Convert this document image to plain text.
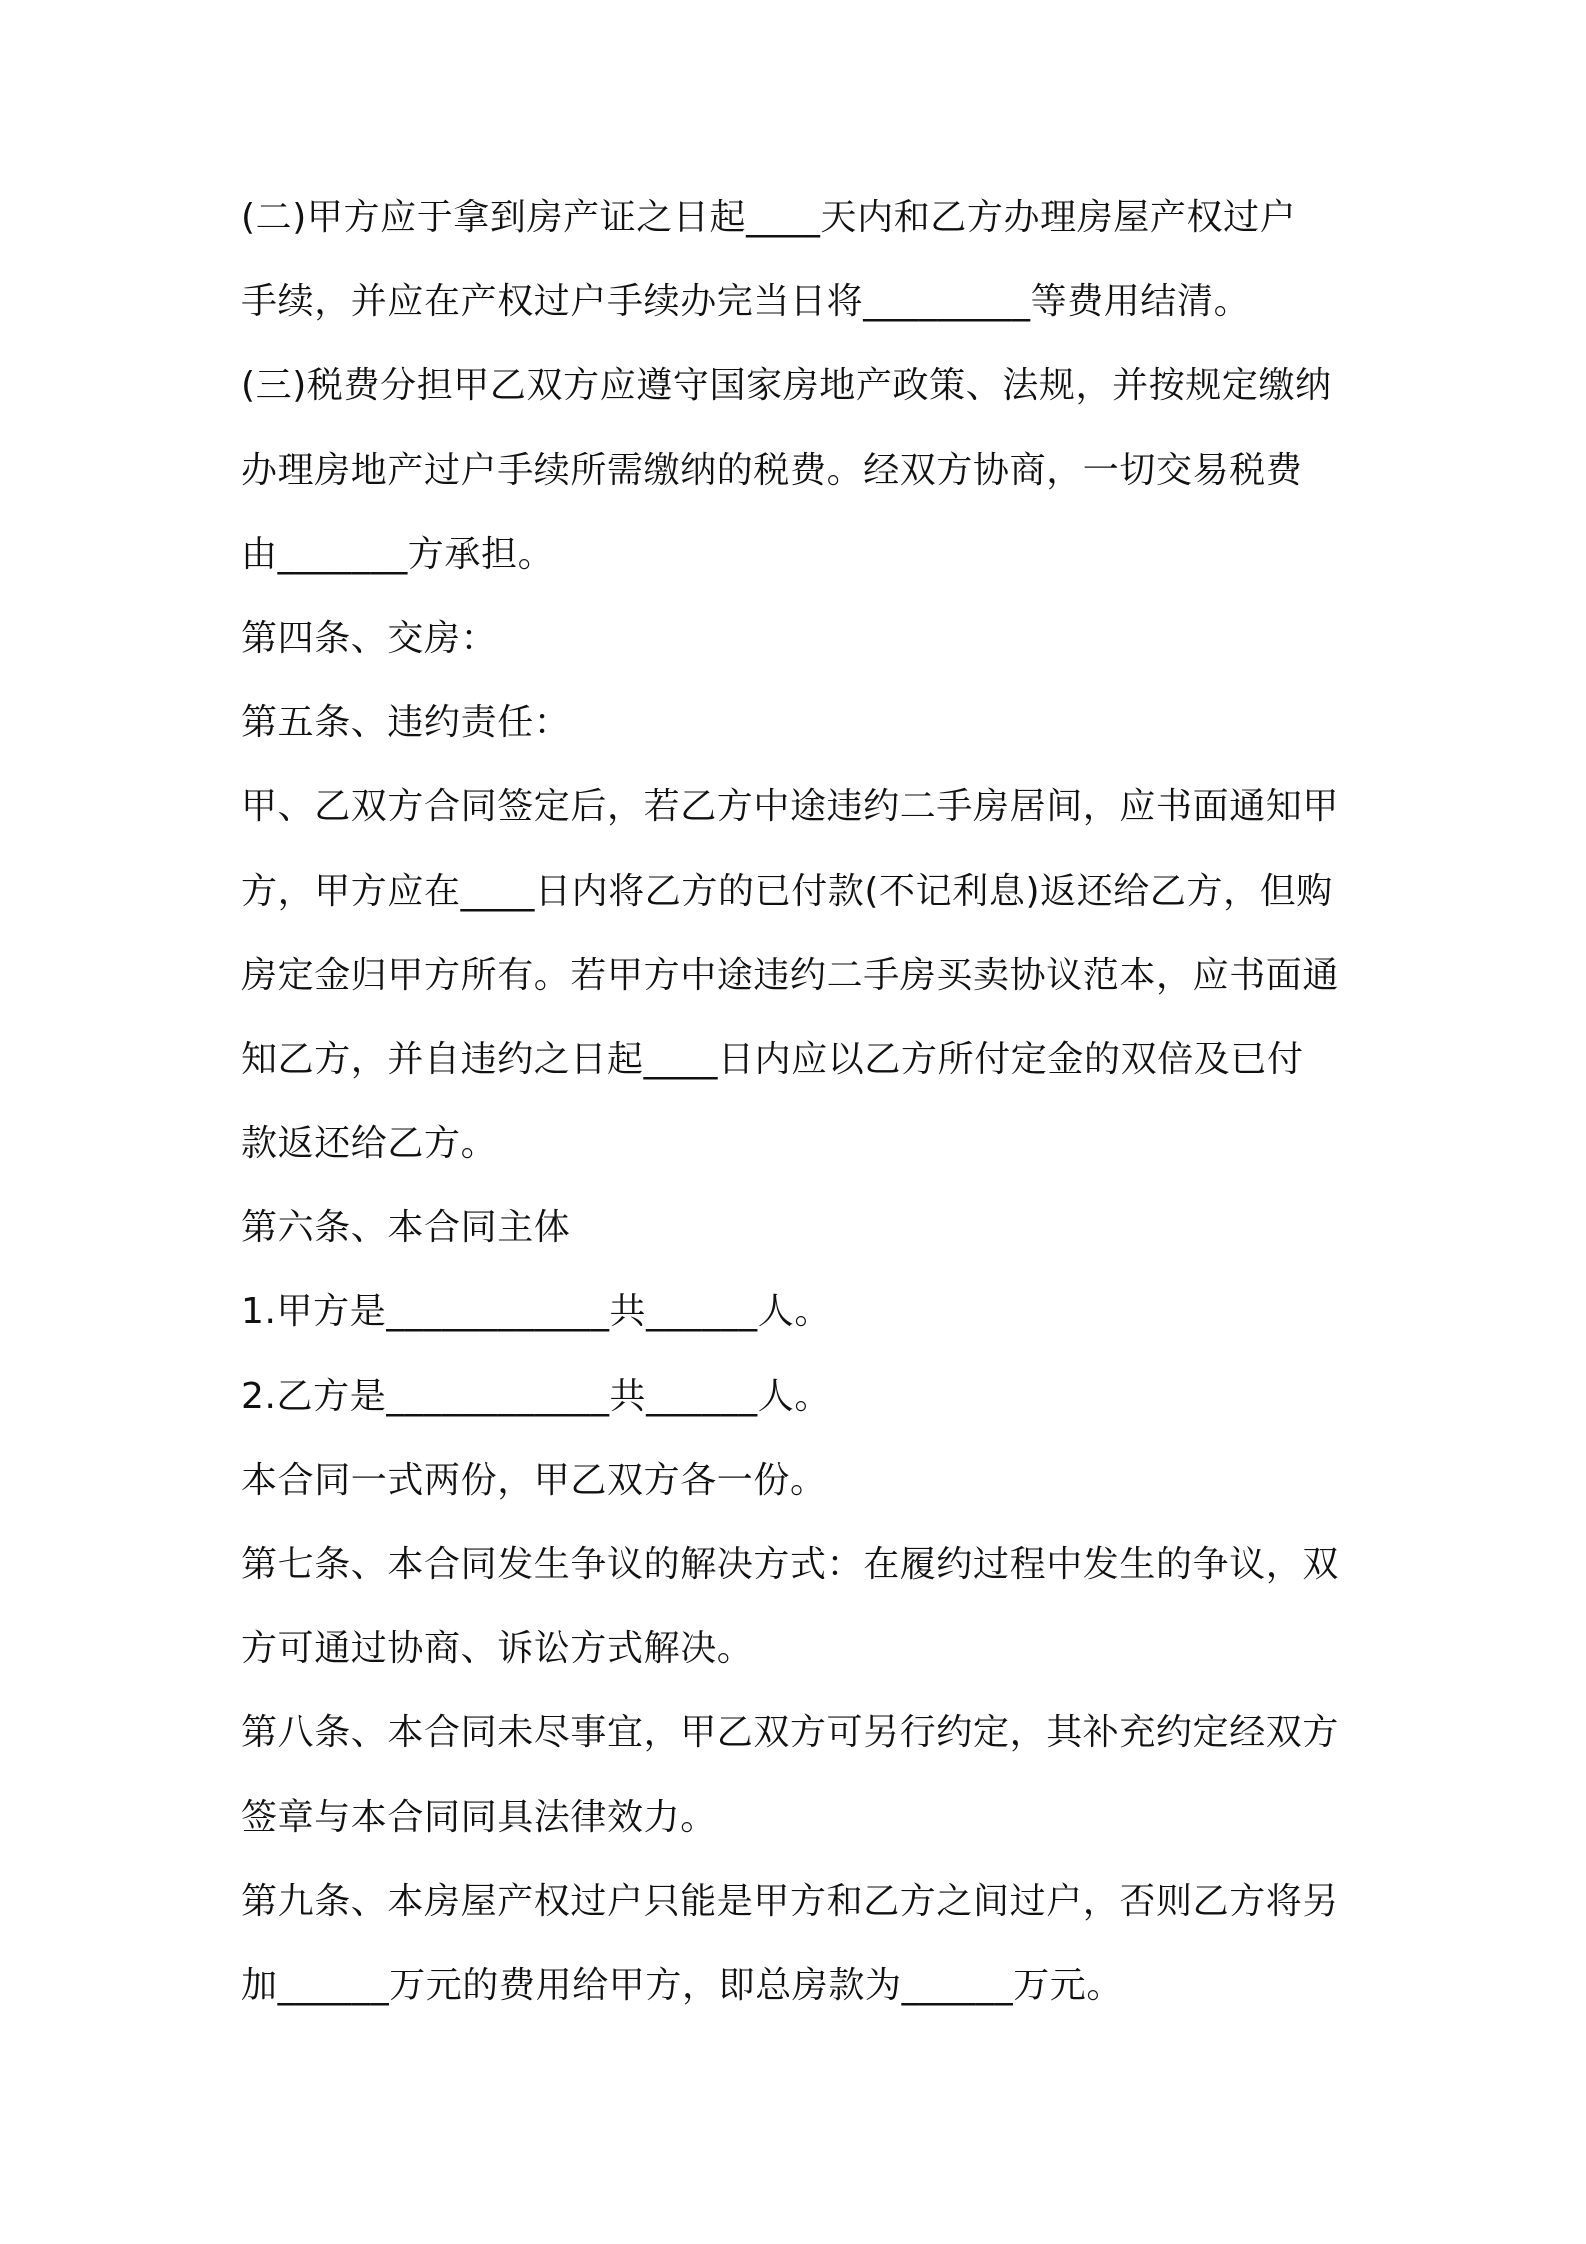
(二)甲方应于拿到房产证之日起____天内和乙方办理房屋产权过户

手续，并应在产权过户手续办完当日将_________等费用结清。

(三)税费分担甲乙双方应遵守国家房地产政策、法规，并按规定缴纳

办理房地产过户手续所需缴纳的税费。经双方协商，一切交易税费

由_______方承担。

第四条、交房：

第五条、违约责任：

甲、乙双方合同签定后，若乙方中途违约二手房居间，应书面通知甲

方，甲方应在____日内将乙方的已付款(不记利息)返还给乙方，但购

房定金归甲方所有。若甲方中途违约二手房买卖协议范本，应书面通

知乙方，并自违约之日起____日内应以乙方所付定金的双倍及已付

款返还给乙方。

第六条、本合同主体

1.甲方是____________共______人。

2.乙方是____________共______人。

本合同一式两份，甲乙双方各一份。

第七条、本合同发生争议的解决方式：在履约过程中发生的争议，双

方可通过协商、诉讼方式解决。

第八条、本合同未尽事宜，甲乙双方可另行约定，其补充约定经双方

签章与本合同同具法律效力。

第九条、本房屋产权过户只能是甲方和乙方之间过户，否则乙方将另

加______万元的费用给甲方，即总房款为______万元。
